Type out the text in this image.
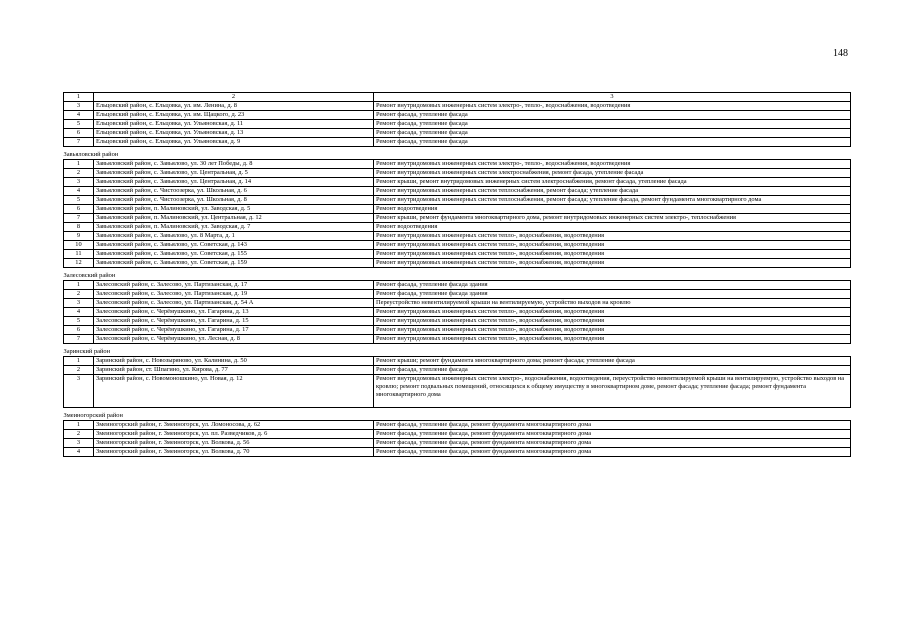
148
1	2	3
3	Ельцовский район, с. Ельцовка, ул. им. Ленина, д. 8	Ремонт внутридомовых инженерных систем электро-, тепло-, водоснабжения, водоотведения
4	Ельцовский район, с. Ельцовка, ул. им. Щацкого, д. 23	Ремонт фасада, утепление фасада
5	Ельцовский район, с. Ельцовка, ул. Ульяновская, д. 11	Ремонт фасада, утепление фасада
6	Ельцовский район, с. Ельцовка, ул. Ульяновская, д. 13	Ремонт фасада, утепление фасада
7	Ельцовский район, с. Ельцовка, ул. Ульяновская, д. 9	Ремонт фасада, утепление фасада

Завьяловский район		
1	Завьяловский район, с. Завьялово, ул. 30 лет Победы, д. 8	Ремонт внутридомовых инженерных систем электро-, тепло-, водоснабжения, водоотведения
2	Завьяловский район, с. Завьялово, ул. Центральная, д. 5	Ремонт внутридомовых инженерных систем электроснабжения, ремонт фасада, утепление фасада
3	Завьяловский район, с. Завьялово, ул. Центральная, д. 14	Ремонт крыши, ремонт внутридомовых инженерных систем электроснабжения, ремонт фасада, утепление фасада
4	Завьяловский район, с. Чистоозерка, ул. Школьная, д. 6	Ремонт внутридомовых инженерных систем теплоснабжения, ремонт фасада; утепление фасада
5	Завьяловский район, с. Чистоозерка, ул. Школьная, д. 8	Ремонт внутридомовых инженерных систем теплоснабжения, ремонт фасада; утепление фасада, ремонт фундамента многоквартирного дома
6	Завьяловский район, п. Малиновский, ул. Заводская, д. 5	Ремонт водоотведения
7	Завьяловский район, п. Малиновский, ул. Центральная, д. 12	Ремонт крыши, ремонт фундамента многоквартирного дома, ремонт внутридомовых инженерных систем электро-, теплоснабжения
8	Завьяловский район, п. Малиновский, ул. Заводская, д. 7	Ремонт водоотведения
9	Завьяловский район, с. Завьялово, ул. 8 Марта, д. 1	Ремонт внутридомовых инженерных систем тепло-, водоснабжения, водоотведения
10	Завьяловский район, с. Завьялово, ул. Советская, д. 143	Ремонт внутридомовых инженерных систем тепло-, водоснабжения, водоотведения
11	Завьяловский район, с. Завьялово, ул. Советская, д. 155	Ремонт внутридомовых инженерных систем тепло-, водоснабжения, водоотведения
12	Завьяловский район, с. Завьялово, ул. Советская, д. 159	Ремонт внутридомовых инженерных систем тепло-, водоснабжения, водоотведения

Залесовский район		
1	Залесовский район, с. Залесово, ул. Партизанская, д. 17	Ремонт фасада, утепление фасада здания
2	Залесовский район, с. Залесово, ул. Партизанская, д. 19	Ремонт фасада, утепление фасада здания
3	Залесовский район, с. Залесово, ул. Партизанская, д. 54 А	Переустройство невентилируемой крыши на вентилируемую, устройство выходов на кровлю
4	Залесовский район, с. Черёмушкино, ул. Гагарина, д. 13	Ремонт внутридомовых инженерных систем тепло-, водоснабжения, водоотведения
5	Залесовский район, с. Черёмушкино, ул. Гагарина, д. 15	Ремонт внутридомовых инженерных систем тепло-, водоснабжения, водоотведения
6	Залесовский район, с. Черёмушкино, ул. Гагарина, д. 17	Ремонт внутридомовых инженерных систем тепло-, водоснабжения, водоотведения
7	Залесовский район, с. Черёмушкино, ул. Лесная, д. 8	Ремонт внутридомовых инженерных систем тепло-, водоснабжения, водоотведения

Заринский район		
1	Заринский район, с. Новозыряново, ул. Калинина, д. 50	Ремонт крыши; ремонт фундамента многоквартирного дома; ремонт фасада; утепление фасада
2	Заринский район, ст. Шпагино, ул. Кирова, д. 77	Ремонт фасада, утепление фасада
3	Заринский район, с. Новомоношкино, ул. Новая, д. 12	Ремонт внутридомовых инженерных систем электро-, водоснабжения, водоотведения, переустройство невентилируемой крыши на вентилируемую, устройство выходов на кровлю; ремонт подвальных помещений, относящихся к общему имуществу в многоквартирном доме, ремонт фасада; утепление фасада; ремонт фундамента многоквартирного дома

Змеиногорский район		
1	Змеиногорский район, г. Змеиногорск, ул. Ломоносова, д. 62	Ремонт фасада, утепление фасада, ремонт фундамента многоквартирного дома
2	Змеиногорский район, г. Змеиногорск, ул. пл. Разведчиков, д. 6	Ремонт фасада, утепление фасада, ремонт фундамента многоквартирного дома
3	Змеиногорский район, г. Змеиногорск, ул. Волкова, д. 56	Ремонт фасада, утепление фасада, ремонт фундамента многоквартирного дома
4	Змеиногорский район, г. Змеиногорск, ул. Волкова, д. 70	Ремонт фасада, утепление фасада, ремонт фундамента многоквартирного дома
